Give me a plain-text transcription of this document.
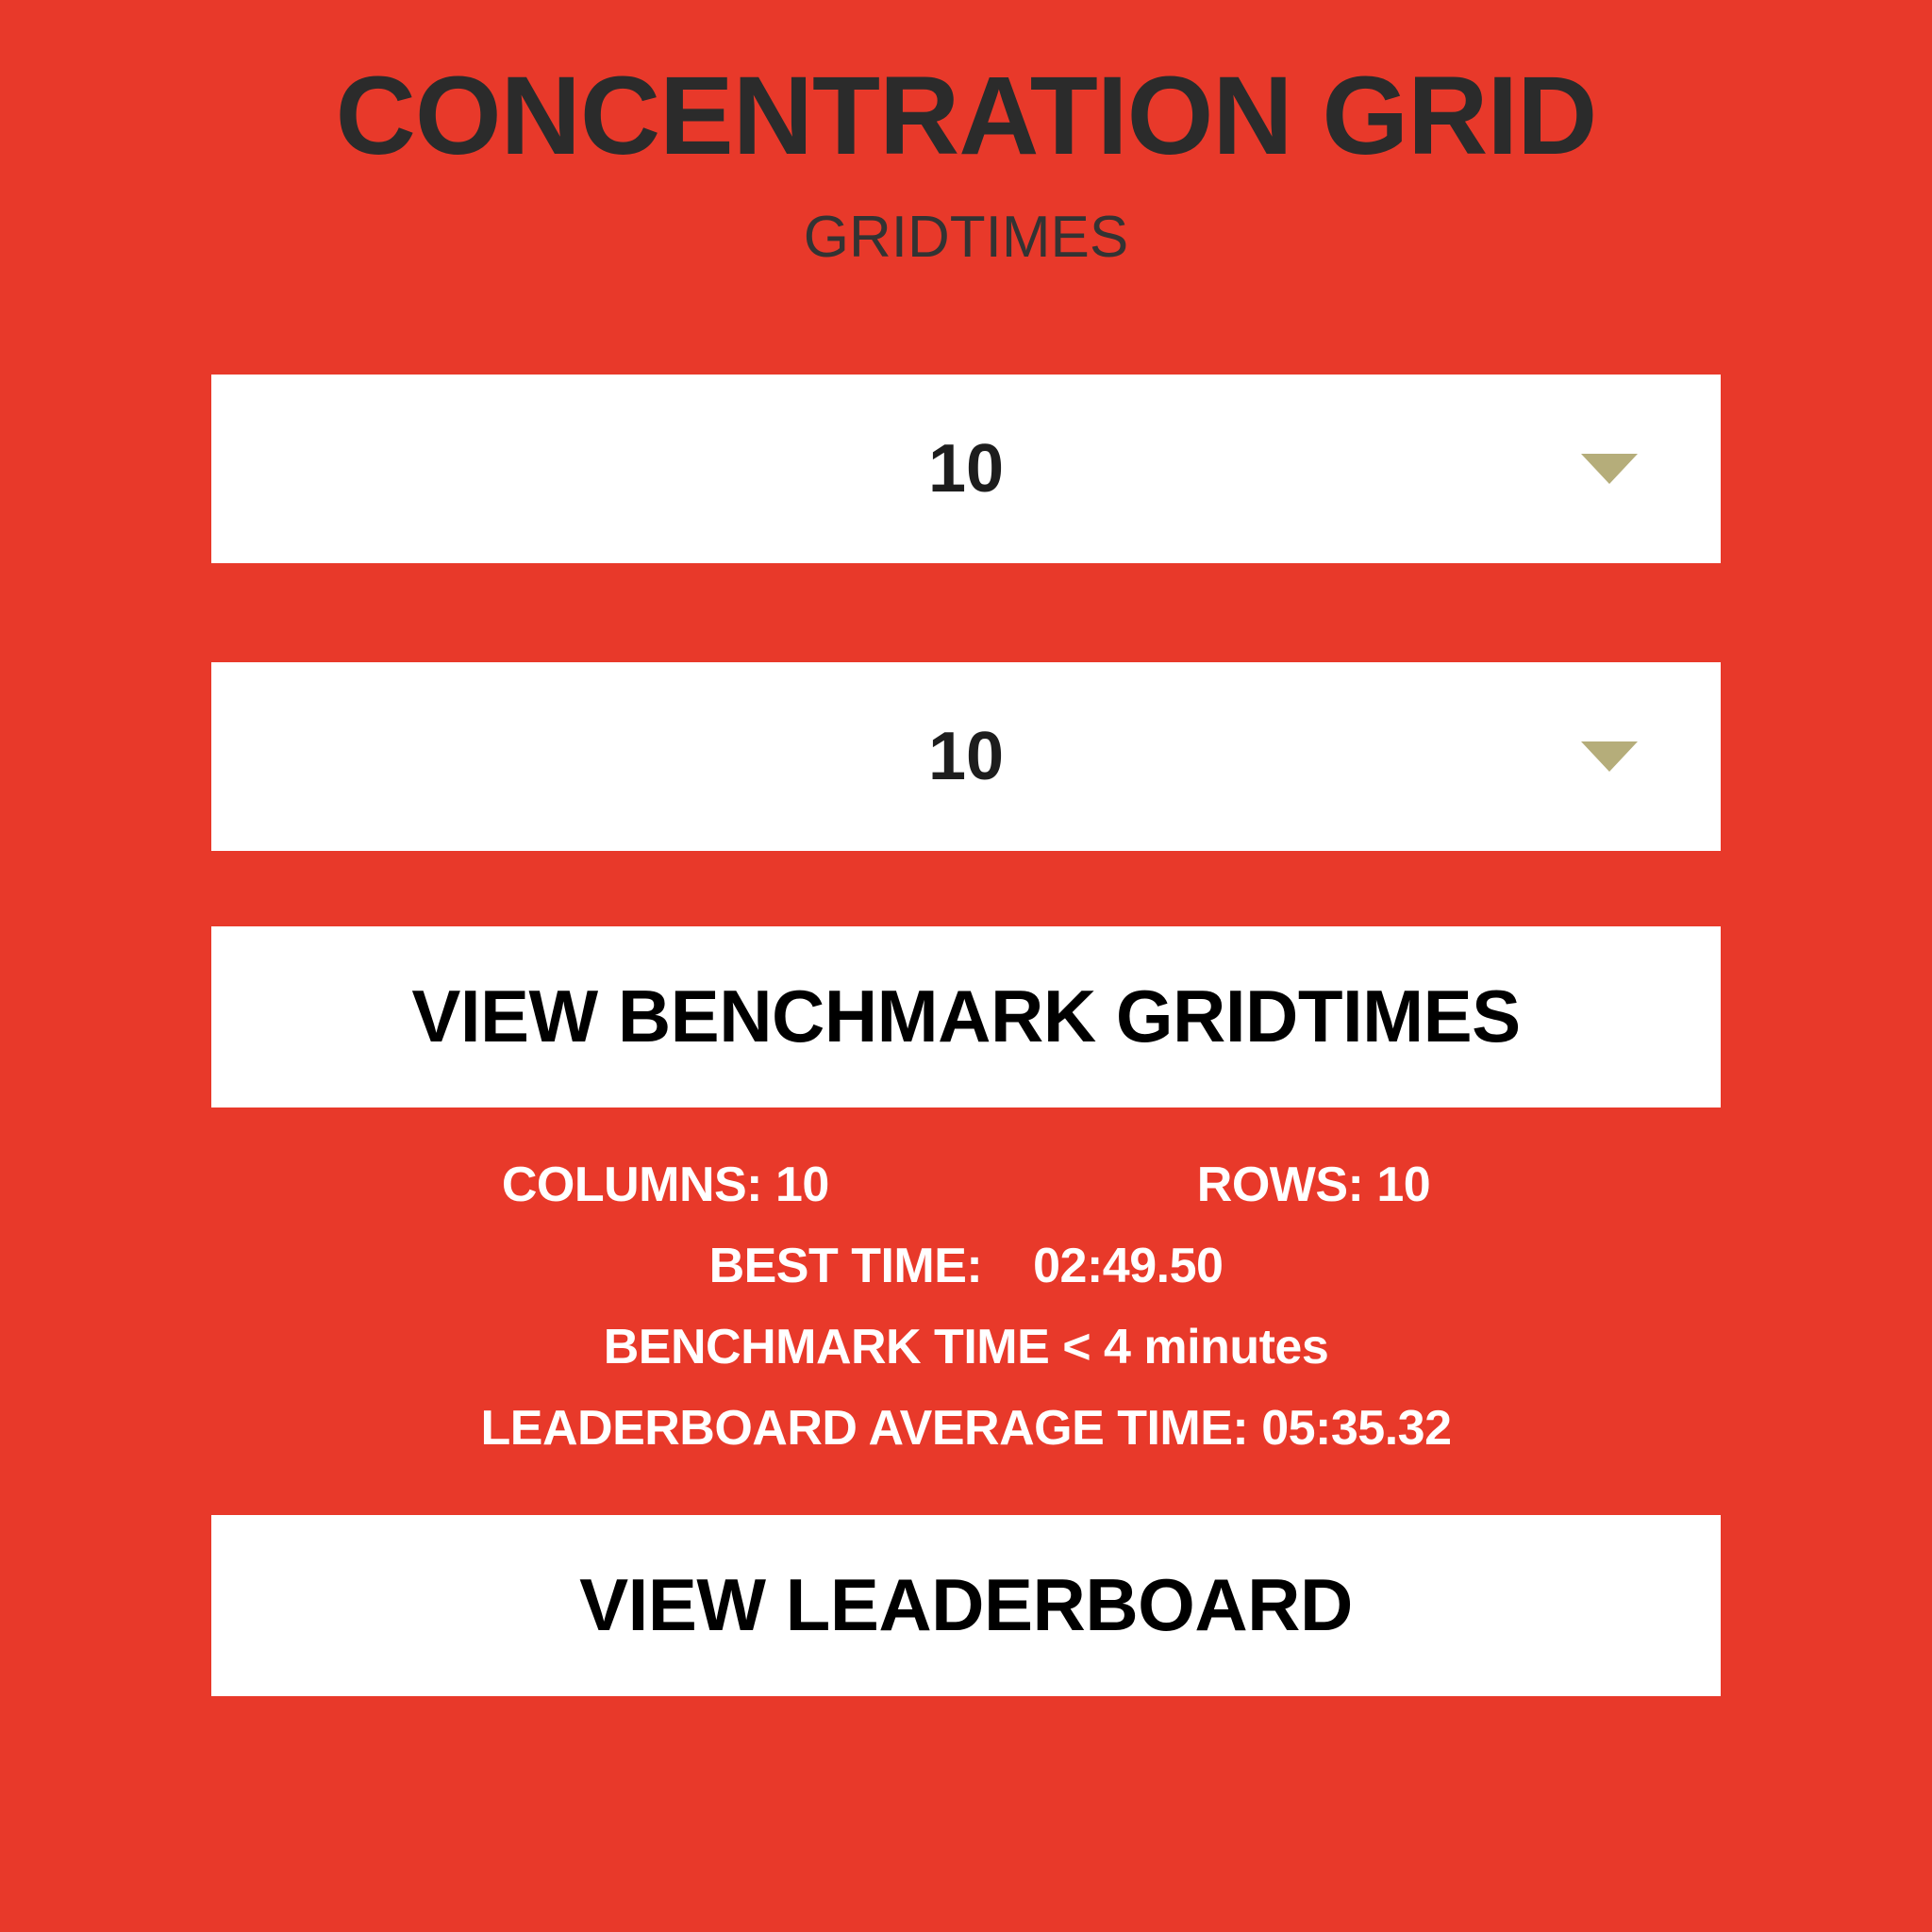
CONCENTRATION GRID
GRIDTIMES
10
10
VIEW BENCHMARK GRIDTIMES
COLUMNS: 10	ROWS: 10
BEST TIME: 02:49.50
BENCHMARK TIME < 4 minutes
LEADERBOARD AVERAGE TIME: 05:35.32
VIEW LEADERBOARD
